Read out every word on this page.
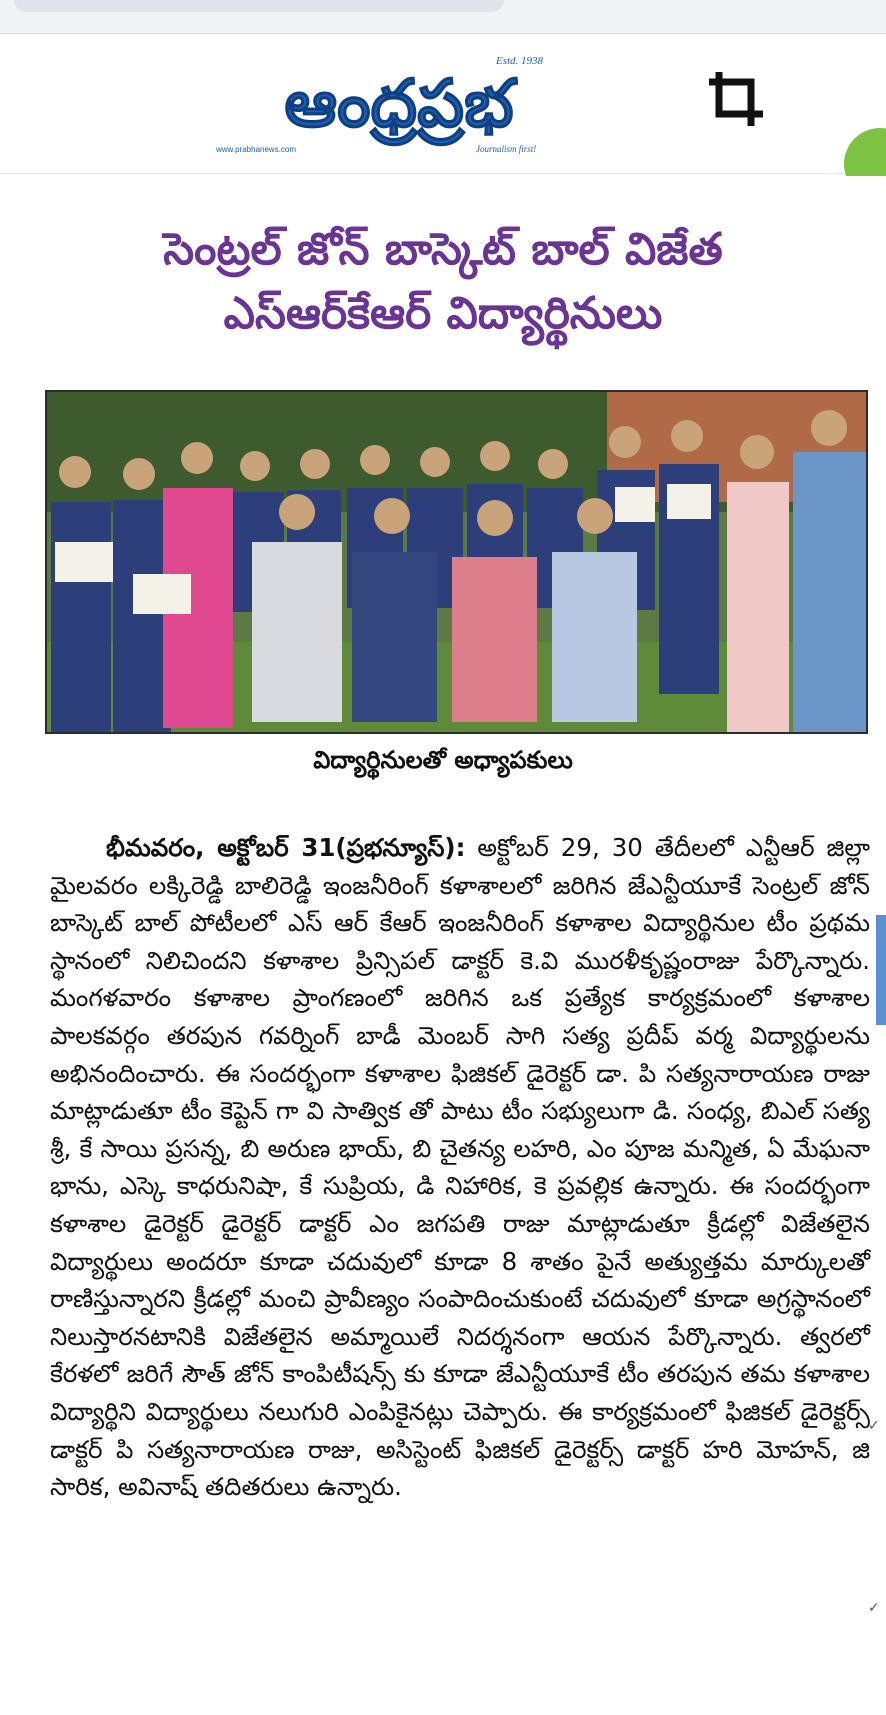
Estd. 1938
ఆంధ్రప్రభ
www.prabhanews.com	Journalism first!
సెంట్రల్ జోన్ బాస్కెట్ బాల్ విజేత
ఎస్ఆర్‌కేఆర్ విద్యార్థినులు
విద్యార్థినులతో అధ్యాపకులు
భీమవరం, అక్టోబర్ 31(ప్రభన్యూస్): అక్టోబర్ 29, 30 తేదీలలో ఎన్టీఆర్ జిల్లా మైలవరం లక్కిరెడ్డి బాలిరెడ్డి ఇంజనీరింగ్ కళాశాలలో జరిగిన జేఎన్టీయూకే సెంట్రల్ జోన్ బాస్కెట్ బాల్ పోటీలలో ఎస్ ఆర్ కేఆర్ ఇంజనీరింగ్ కళాశాల విద్యార్థినుల టీం ప్రథమ స్థానంలో నిలిచిందని కళాశాల ప్రిన్సిపల్ డాక్టర్ కె.వి మురళీకృష్ణంరాజు పేర్కొన్నారు. మంగళవారం కళాశాల ప్రాంగణంలో జరిగిన ఒక ప్రత్యేక కార్యక్రమంలో కళాశాల పాలకవర్గం తరపున గవర్నింగ్ బాడీ మెంబర్ సాగి సత్య ప్రదీప్ వర్మ విద్యార్థులను అభినందించారు. ఈ సందర్భంగా కళాశాల ఫిజికల్ డైరెక్టర్ డా. పి సత్యనారాయణ రాజు మాట్లాడుతూ టీం కెప్టెన్ గా వి సాత్విక తో పాటు టీం సభ్యులుగా డి. సంధ్య, బిఎల్ సత్య శ్రీ, కే సాయి ప్రసన్న, బి అరుణ భాయ్, బి చైతన్య లహరి, ఎం పూజ మన్మిత, ఏ మేఘనా భాను, ఎస్కె కాధరునిషా, కే సుప్రియ, డి నిహారిక, కె ప్రవల్లిక ఉన్నారు. ఈ సందర్భంగా కళాశాల డైరెక్టర్ డైరెక్టర్ డాక్టర్ ఎం జగపతి రాజు మాట్లాడుతూ క్రీడల్లో విజేతలైన విద్యార్థులు అందరూ కూడా చదువులో కూడా 8 శాతం పైనే అత్యుత్తమ మార్కులతో రాణిస్తున్నారని క్రీడల్లో మంచి ప్రావీణ్యం సంపాదించుకుంటే చదువులో కూడా అగ్రస్థానంలో నిలుస్తారనటానికి విజేతలైన అమ్మాయిలే నిదర్శనంగా ఆయన పేర్కొన్నారు. త్వరలో కేరళలో జరిగే సౌత్ జోన్ కాంపిటీషన్స్ కు కూడా జేఎన్టీయూకే టీం తరపున తమ కళాశాల విద్యార్థిని విద్యార్థులు నలుగురి ఎంపికైనట్లు చెప్పారు. ఈ కార్యక్రమంలో ఫిజికల్ డైరెక్టర్స్ డాక్టర్ పి సత్యనారాయణ రాజు, అసిస్టెంట్ ఫిజికల్ డైరెక్టర్స్ డాక్టర్ హరి మోహన్, జి సారిక, అవినాష్ తదితరులు ఉన్నారు.
✓
✓
